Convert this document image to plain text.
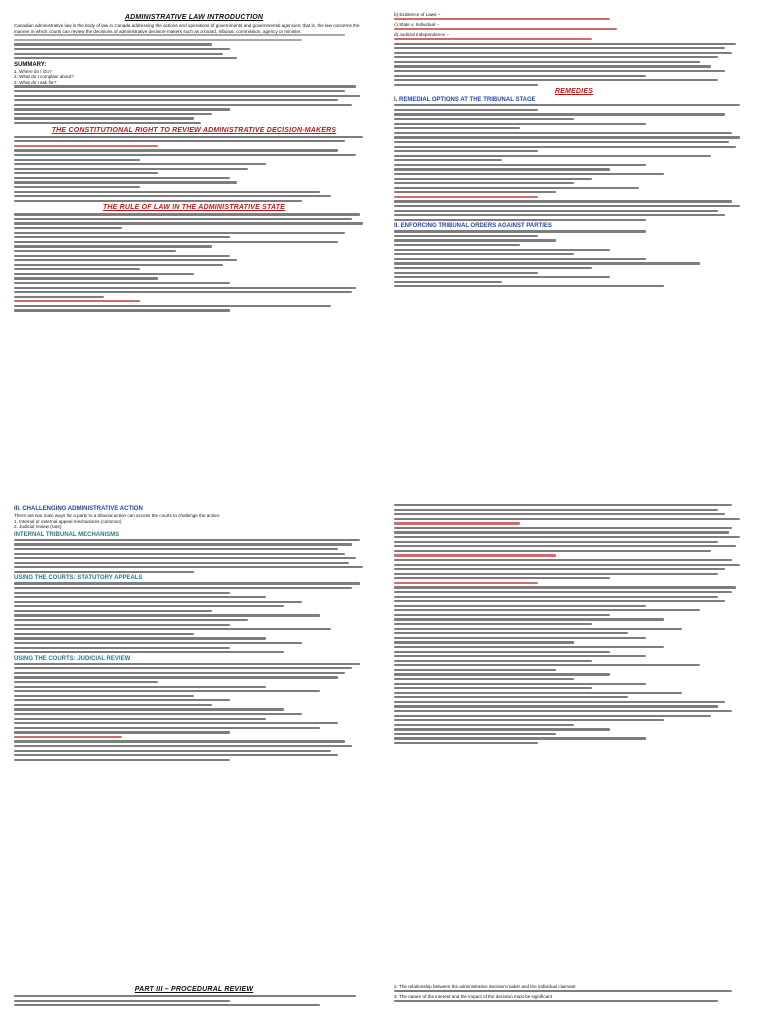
ADMINISTRATIVE LAW INTRODUCTION

Canadian administrative law is the body of law in Canada addressing the actions and operations of governments and governmental agencies; that is, the law concerns the manner in which courts can review the decisions of administrative decision-makers such as a board, tribunal, commission, agency or minister.

SUMMARY:

1. Where do I Go?

2. What do I complain about?

3. What do I ask for?

THE CONSTITUTIONAL RIGHT TO REVIEW ADMINISTRATIVE DECISION-MAKERS
THE RULE OF LAW IN THE ADMINISTRATIVE STATE

b) Existence of Laws –

c) State v. Individual –

d) Judicial Independence –

REMEDIES
I. REMEDIAL OPTIONS AT THE TRIBUNAL STAGE
II. ENFORCING TRIBUNAL ORDERS AGAINST PARTIES
III. CHALLENGING ADMINISTRATIVE ACTION

There are two main ways for a party to a tribunal action can access the courts to challenge the action:

1. Internal or external appeal mechanisms (common)

2. Judicial review (rare)

INTERNAL TRIBUNAL MECHANISMS
USING THE COURTS: STATUTORY APPEALS
USING THE COURTS: JUDICIAL REVIEW
PART III – PROCEDURAL REVIEW	2. The relationship between the administrative decision-maker and the individual claimant

3. The nature of the interest and the impact of the decision must be significant
